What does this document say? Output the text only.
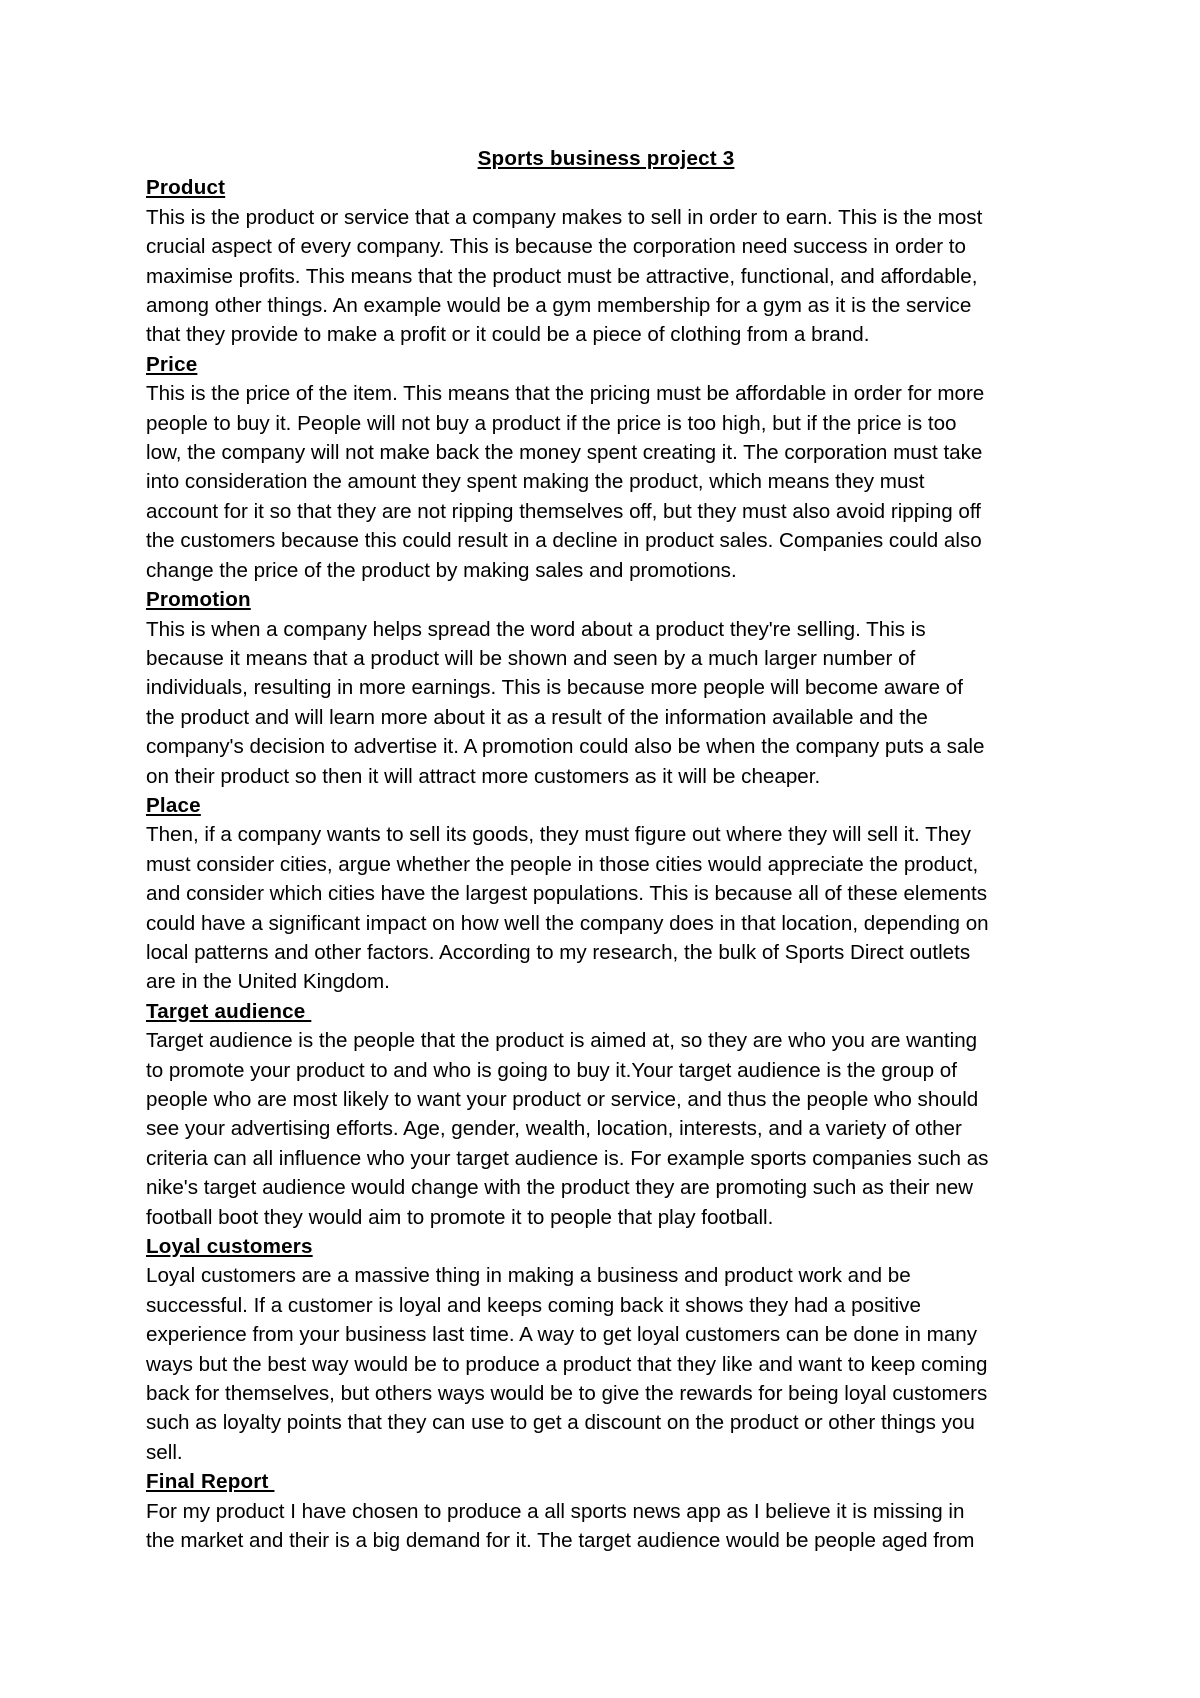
Sports business project 3
Product
This is the product or service that a company makes to sell in order to earn. This is the most
crucial aspect of every company. This is because the corporation need success in order to
maximise profits. This means that the product must be attractive, functional, and affordable,
among other things. An example would be a gym membership for a gym as it is the service
that they provide to make a profit or it could be a piece of clothing from a brand.
Price
This is the price of the item. This means that the pricing must be affordable in order for more
people to buy it. People will not buy a product if the price is too high, but if the price is too
low, the company will not make back the money spent creating it. The corporation must take
into consideration the amount they spent making the product, which means they must
account for it so that they are not ripping themselves off, but they must also avoid ripping off
the customers because this could result in a decline in product sales. Companies could also
change the price of the product by making sales and promotions.
Promotion
This is when a company helps spread the word about a product they're selling. This is
because it means that a product will be shown and seen by a much larger number of
individuals, resulting in more earnings. This is because more people will become aware of
the product and will learn more about it as a result of the information available and the
company's decision to advertise it. A promotion could also be when the company puts a sale
on their product so then it will attract more customers as it will be cheaper.
Place
Then, if a company wants to sell its goods, they must figure out where they will sell it. They
must consider cities, argue whether the people in those cities would appreciate the product,
and consider which cities have the largest populations. This is because all of these elements
could have a significant impact on how well the company does in that location, depending on
local patterns and other factors. According to my research, the bulk of Sports Direct outlets
are in the United Kingdom.
Target audience
Target audience is the people that the product is aimed at, so they are who you are wanting
to promote your product to and who is going to buy it.Your target audience is the group of
people who are most likely to want your product or service, and thus the people who should
see your advertising efforts. Age, gender, wealth, location, interests, and a variety of other
criteria can all influence who your target audience is. For example sports companies such as
nike's target audience would change with the product they are promoting such as their new
football boot they would aim to promote it to people that play football.
Loyal customers
Loyal customers are a massive thing in making a business and product work and be
successful. If a customer is loyal and keeps coming back it shows they had a positive
experience from your business last time. A way to get loyal customers can be done in many
ways but the best way would be to produce a product that they like and want to keep coming
back for themselves, but others ways would be to give the rewards for being loyal customers
such as loyalty points that they can use to get a discount on the product or other things you
sell.
Final Report
For my product I have chosen to produce a all sports news app as I believe it is missing in
the market and their is a big demand for it. The target audience would be people aged from
